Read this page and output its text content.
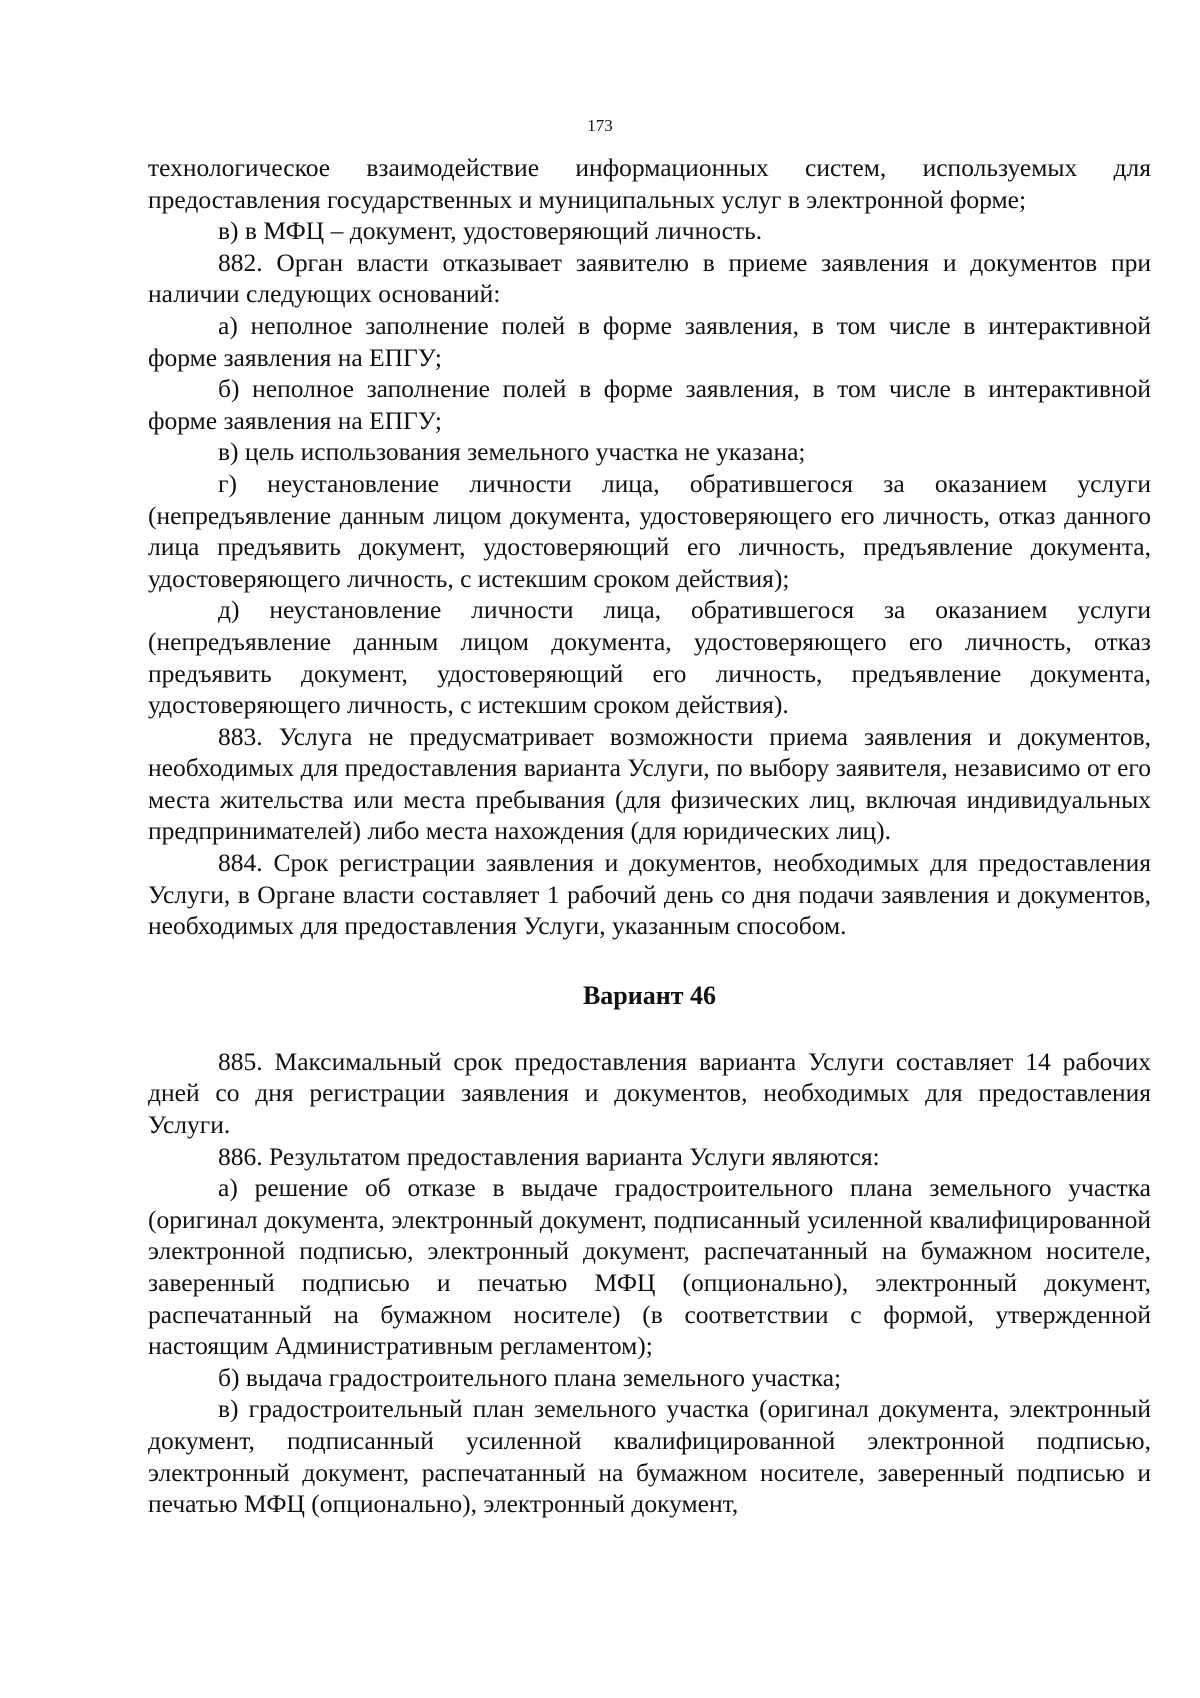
173

технологическое взаимодействие информационных систем, используемых для предоставления государственных и муниципальных услуг в электронной форме;

в) в МФЦ – документ, удостоверяющий личность.

882. Орган власти отказывает заявителю в приеме заявления и документов при наличии следующих оснований:

а) неполное заполнение полей в форме заявления, в том числе в интерактивной форме заявления на ЕПГУ;

б) неполное заполнение полей в форме заявления, в том числе в интерактивной форме заявления на ЕПГУ;

в) цель использования земельного участка не указана;

г) неустановление личности лица, обратившегося за оказанием услуги (непредъявление данным лицом документа, удостоверяющего его личность, отказ данного лица предъявить документ, удостоверяющий его личность, предъявление документа, удостоверяющего личность, с истекшим сроком действия);

д) неустановление личности лица, обратившегося за оказанием услуги (непредъявление данным лицом документа, удостоверяющего его личность, отказ предъявить документ, удостоверяющий его личность, предъявление документа, удостоверяющего личность, с истекшим сроком действия).

883. Услуга не предусматривает возможности приема заявления и документов, необходимых для предоставления варианта Услуги, по выбору заявителя, независимо от его места жительства или места пребывания (для физических лиц, включая индивидуальных предпринимателей) либо места нахождения (для юридических лиц).

884. Срок регистрации заявления и документов, необходимых для предоставления Услуги, в Органе власти составляет 1 рабочий день со дня подачи заявления и документов, необходимых для предоставления Услуги, указанным способом.

Вариант 46

885. Максимальный срок предоставления варианта Услуги составляет 14 рабочих дней со дня регистрации заявления и документов, необходимых для предоставления Услуги.

886. Результатом предоставления варианта Услуги являются:

а) решение об отказе в выдаче градостроительного плана земельного участка (оригинал документа, электронный документ, подписанный усиленной квалифицированной электронной подписью, электронный документ, распечатанный на бумажном носителе, заверенный подписью и печатью МФЦ (опционально), электронный документ, распечатанный на бумажном носителе) (в соответствии с формой, утвержденной настоящим Административным регламентом);

б) выдача градостроительного плана земельного участка;

в) градостроительный план земельного участка (оригинал документа, электронный документ, подписанный усиленной квалифицированной электронной подписью, электронный документ, распечатанный на бумажном носителе, заверенный подписью и печатью МФЦ (опционально), электронный документ,
